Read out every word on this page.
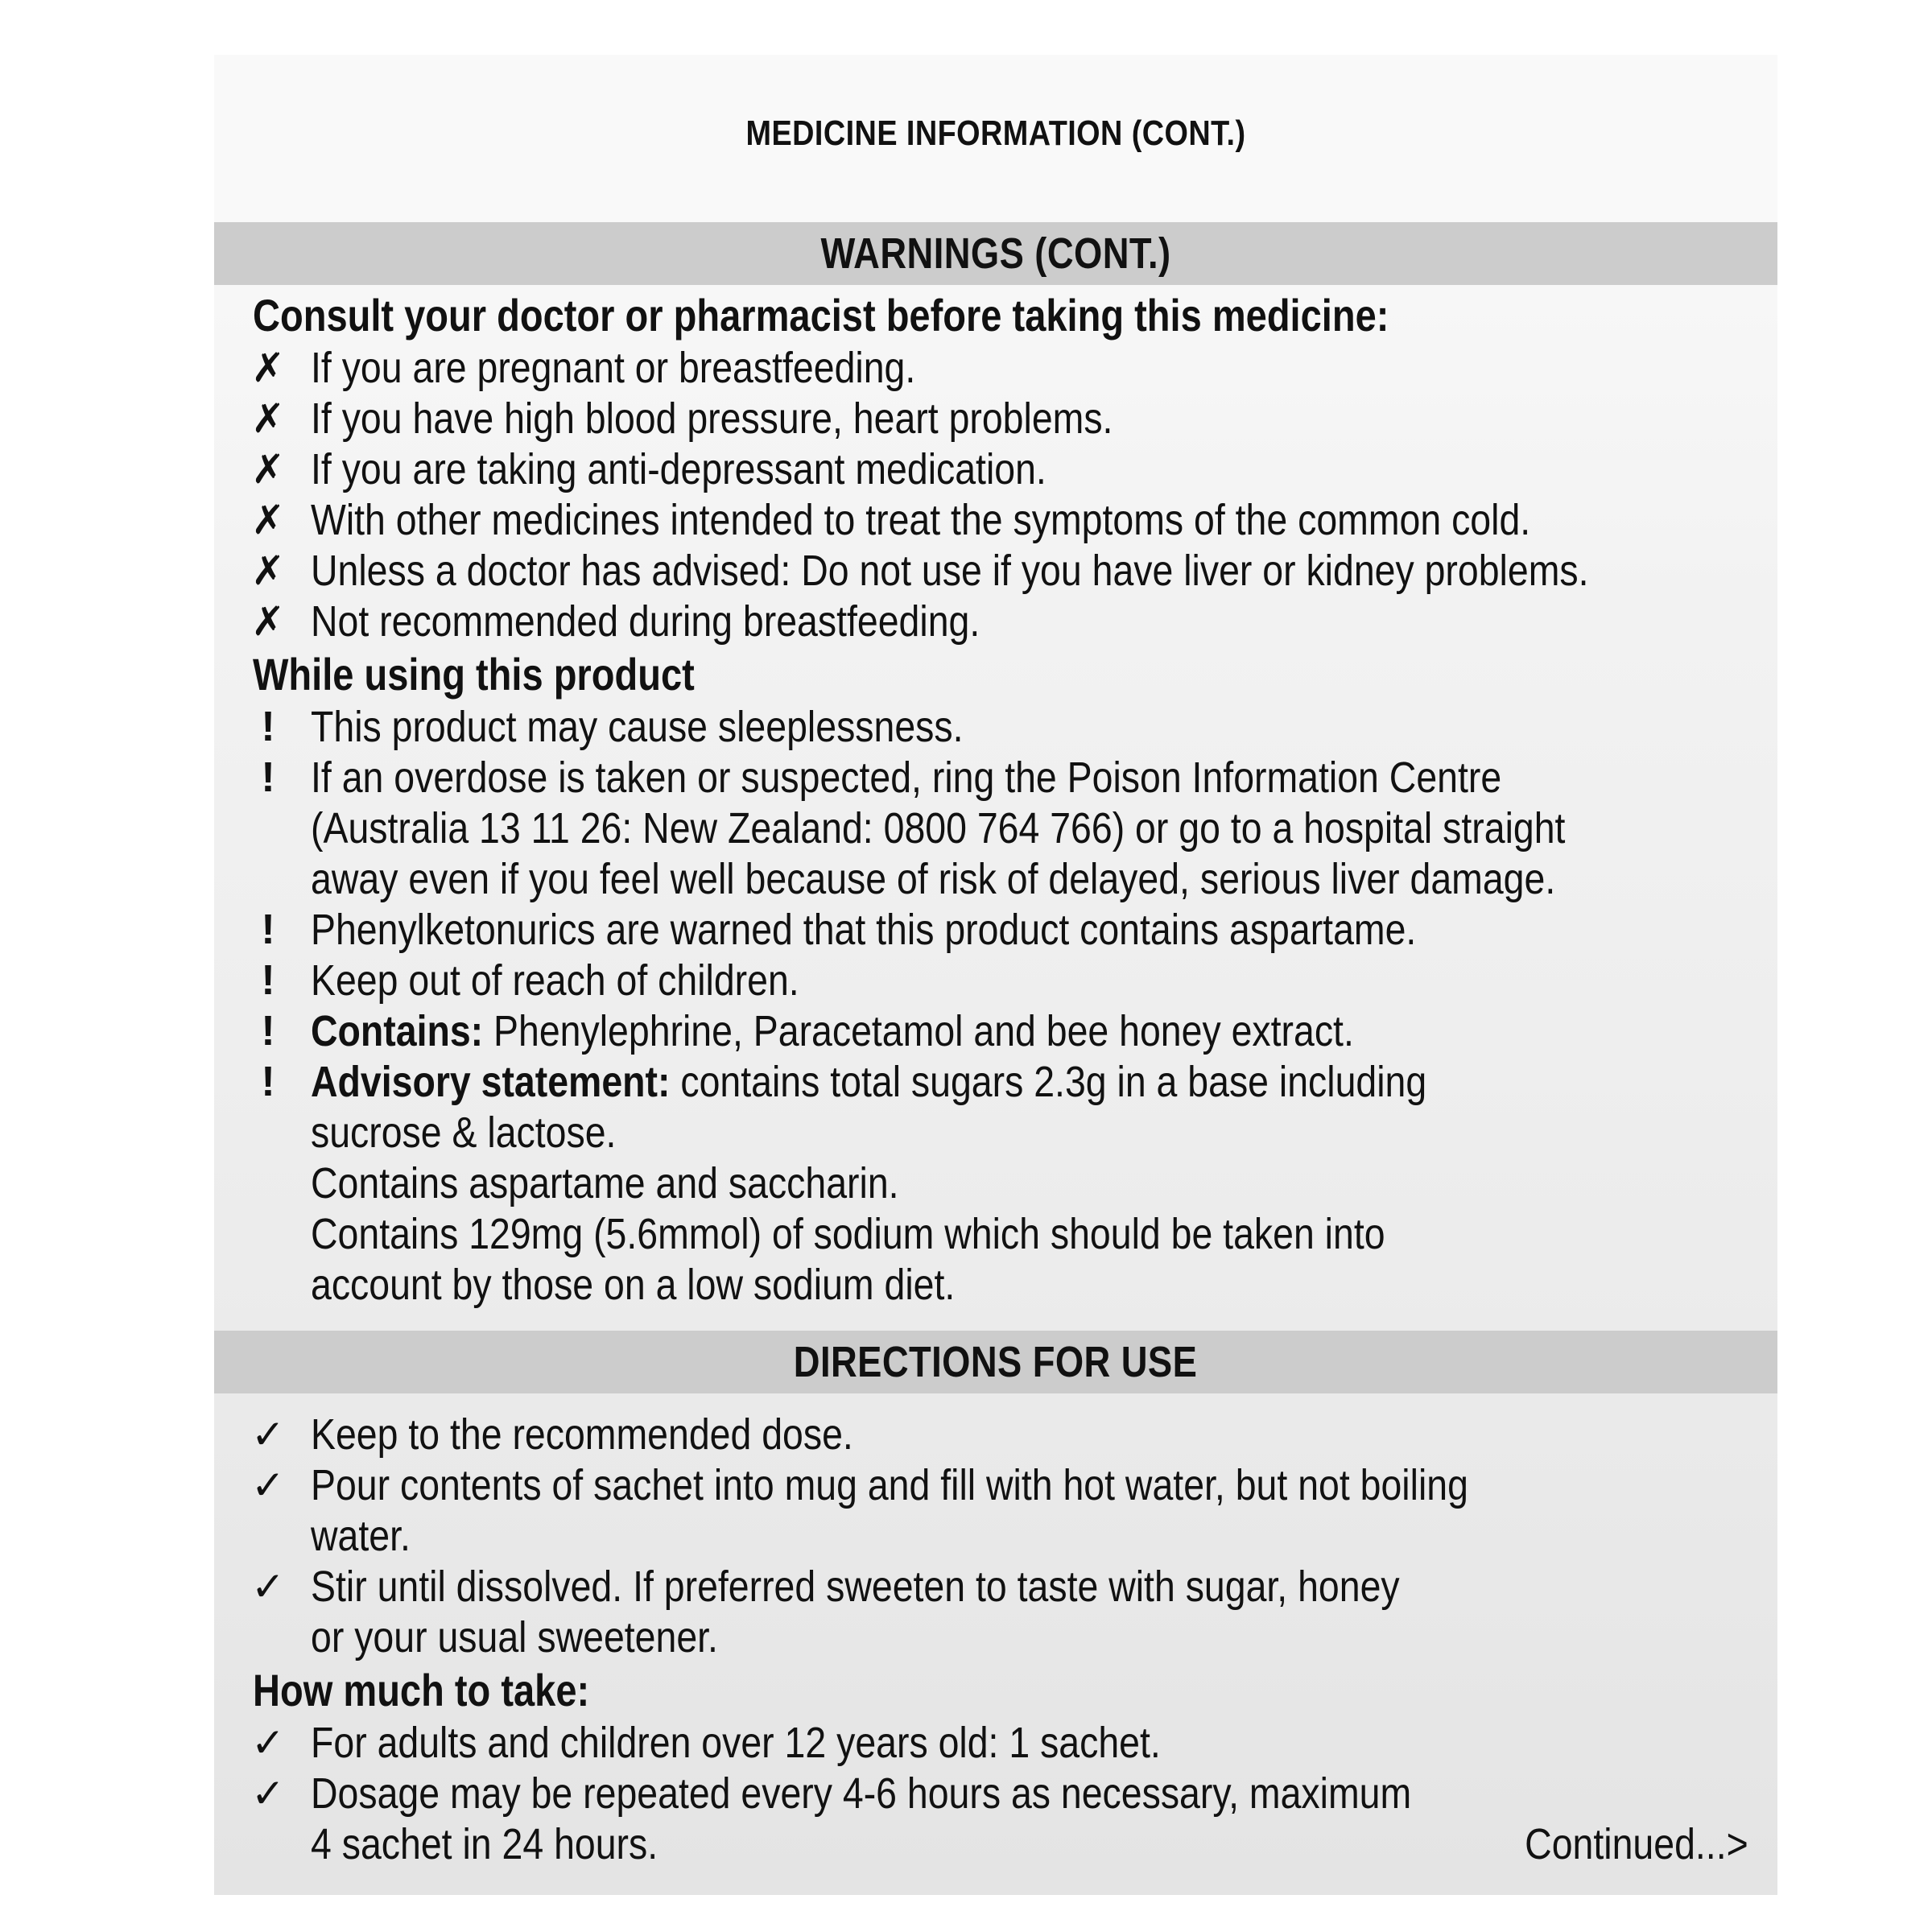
MEDICINE INFORMATION (CONT.)
WARNINGS (CONT.)
Consult your doctor or pharmacist before taking this medicine:
✗ If you are pregnant or breastfeeding.
✗ If you have high blood pressure, heart problems.
✗ If you are taking anti-depressant medication.
✗ With other medicines intended to treat the symptoms of the common cold.
✗ Unless a doctor has advised: Do not use if you have liver or kidney problems.
✗ Not recommended during breastfeeding.
While using this product
! This product may cause sleeplessness.
! If an overdose is taken or suspected, ring the Poison Information Centre
(Australia 13 11 26: New Zealand: 0800 764 766) or go to a hospital straight
away even if you feel well because of risk of delayed, serious liver damage.
! Phenylketonurics are warned that this product contains aspartame.
! Keep out of reach of children.
! Contains: Phenylephrine, Paracetamol and bee honey extract.
! Advisory statement: contains total sugars 2.3g in a base including
sucrose & lactose.
Contains aspartame and saccharin.
Contains 129mg (5.6mmol) of sodium which should be taken into
account by those on a low sodium diet.
DIRECTIONS FOR USE
✓ Keep to the recommended dose.
✓ Pour contents of sachet into mug and fill with hot water, but not boiling
water.
✓ Stir until dissolved. If preferred sweeten to taste with sugar, honey
or your usual sweetener.
How much to take:
✓ For adults and children over 12 years old: 1 sachet.
✓ Dosage may be repeated every 4-6 hours as necessary, maximum
4 sachet in 24 hours.	Continued...>
